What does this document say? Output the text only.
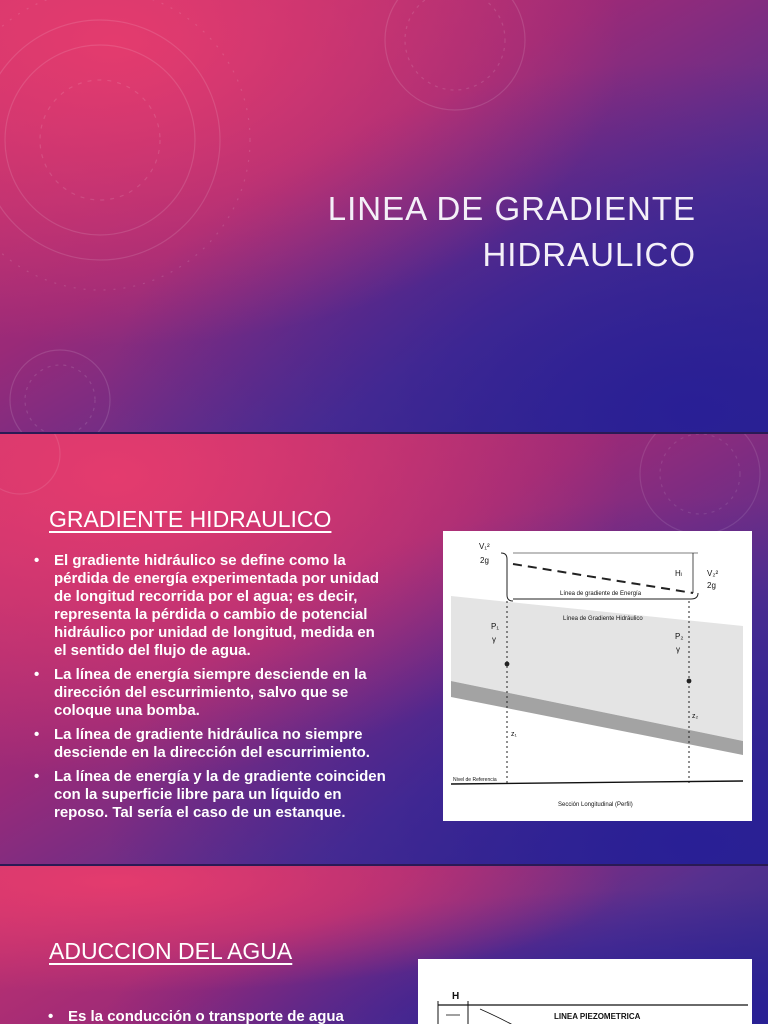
LINEA DE GRADIENTE
HIDRAULICO
GRADIENTE HIDRAULICO
• El gradiente hidráulico se define como la
pérdida de energía experimentada por unidad
de longitud recorrida por el agua; es decir,
representa la pérdida o cambio de potencial
hidráulico por unidad de longitud, medida en
el sentido del flujo de agua.
• La línea de energía siempre desciende en la
dirección del escurrimiento, salvo que se
coloque una bomba.
• La línea de gradiente hidráulica no siempre
desciende en la dirección del escurrimiento.
• La línea de energía y la de gradiente coinciden
con la superficie libre para un líquido en
reposo. Tal sería el caso de un estanque.
V₁²
2g
V₂²
2g
Hₗ
Línea de gradiente de Energía
Línea de Gradiente Hidráulico
P₁
γ	P₂
γ
z₁
z₂
Nivel de Referencia
Sección Longitudinal (Perfil)
ADUCCION DEL AGUA
• Es la conducción o transporte de agua
H
LINEA PIEZOMETRICA
